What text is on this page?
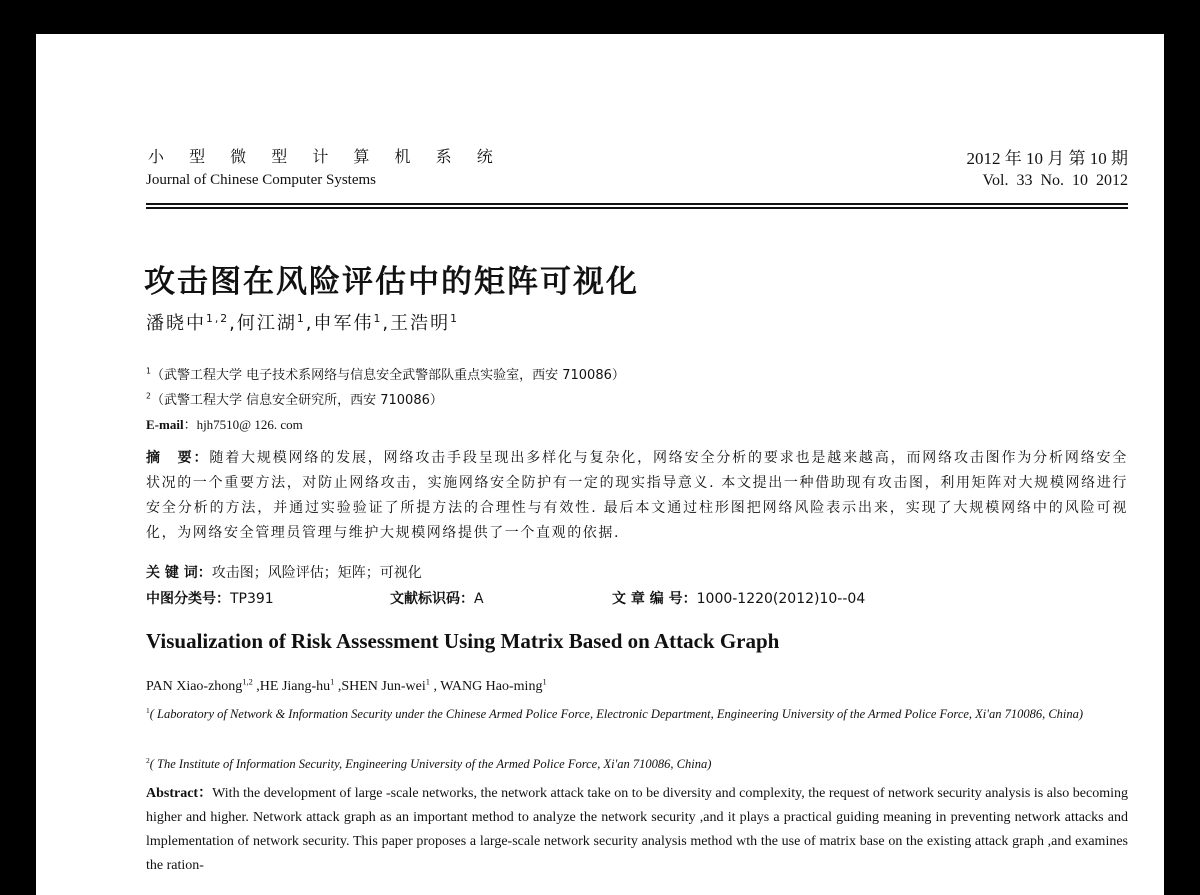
小 型 微 型 计 算 机 系 统
Journal of Chinese Computer Systems
2012 年 10 月 第 10 期
Vol. 33 No. 10 2012
攻击图在风险评估中的矩阵可视化
潘晓中$^{1,2}$,何江湖$^1$,申军伟$^1$,王浩明$^1$
$^1$（武警工程大学 电子技术系网络与信息安全武警部队重点实验室，西安 710086）
$^2$（武警工程大学 信息安全研究所，西安 710086）
E-mail：hjh7510@ 126. com
摘　要：随着大规模网络的发展，网络攻击手段呈现出多样化与复杂化，网络安全分析的要求也是越来越高，而网络攻击图作为分析网络安全状况的一个重要方法，对防止网络攻击，实施网络安全防护有一定的现实指导意义. 本文提出一种借助现有攻击图，利用矩阵对大规模网络进行安全分析的方法，并通过实验验证了所提方法的合理性与有效性. 最后本文通过柱形图把网络风险表示出来，实现了大规模网络中的风险可视化，为网络安全管理员管理与维护大规模网络提供了一个直观的依据.
关 键 词：攻击图；风险评估；矩阵；可视化
中图分类号：TP391	文献标识码：A	文 章 编 号：1000-1220(2012)10--04
Visualization of Risk Assessment Using Matrix Based on Attack Graph
PAN Xiao-zhong$^{1,2}$ ,HE Jiang-$hu^1$ ,SHEN Jun-wei$^1$ , WANG Hao-ming$^1$
$^1$( Laboratory of Network & Information Security under the Chinese Armed Police Force, Electronic Department, Engineering University of the Armed Police Force, Xi'an 710086, China)
$^2$( The Institute of Information Security, Engineering University of the Armed Police Force, Xi'an 710086, China)
Abstract：With the development of large -scale networks, the network attack take on to be diversity and complexity, the request of network security analysis is also becoming higher and higher. Network attack graph as an important method to analyze the network security ,and it plays a practical guiding meaning in preventing network attacks and lmplementation of network security. This paper proposes a large-scale network security analysis method wth the use of matrix base on the existing attack graph ,and examines the ration-
